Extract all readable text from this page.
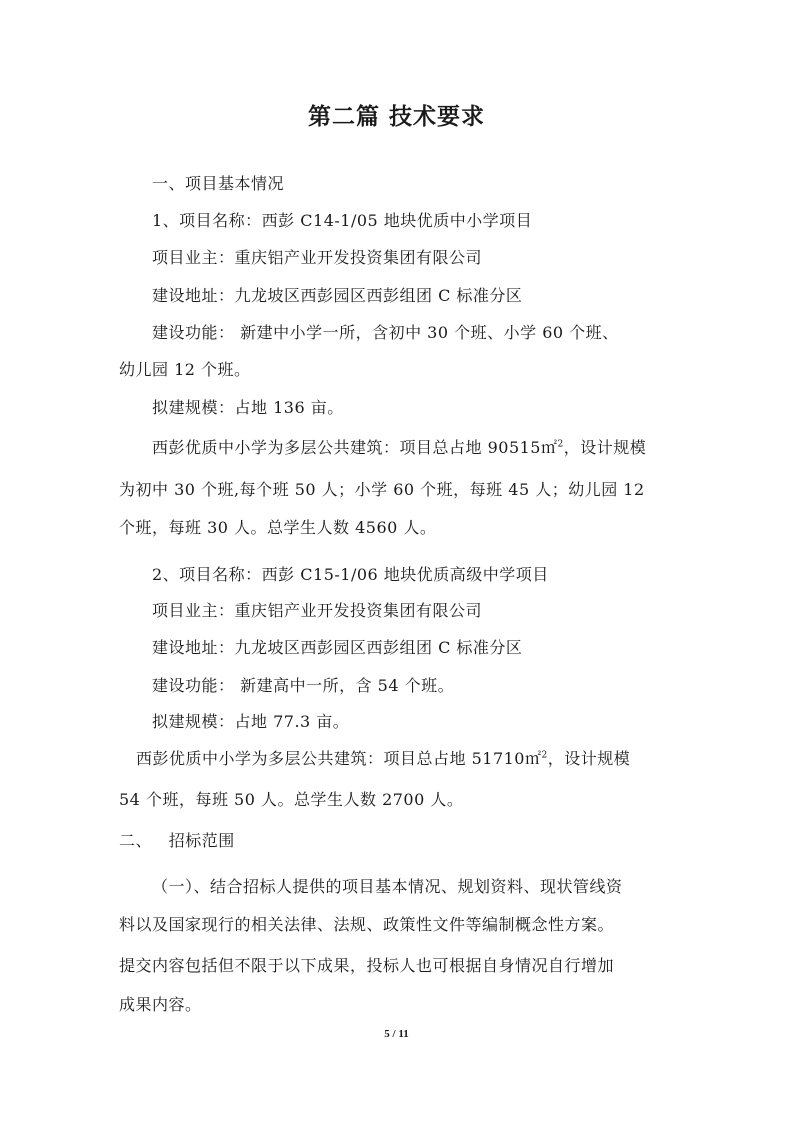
第二篇 技术要求
一、项目基本情况
1、项目名称：西彭 C14-1/05 地块优质中小学项目
项目业主：重庆铝产业开发投资集团有限公司
建设地址：九龙坡区西彭园区西彭组团 C 标准分区
建设功能： 新建中小学一所，含初中 30 个班、小学 60 个班、
幼儿园 12 个班。
拟建规模：占地 136 亩。
西彭优质中小学为多层公共建筑：项目总占地 90515㎡$^2$，设计规模
为初中 30 个班,每个班 50 人；小学 60 个班，每班 45 人；幼儿园 12
个班，每班 30 人。总学生人数 4560 人。
2、项目名称：西彭 C15-1/06 地块优质高级中学项目
项目业主：重庆铝产业开发投资集团有限公司
建设地址：九龙坡区西彭园区西彭组团 C 标准分区
建设功能： 新建高中一所，含 54 个班。
拟建规模：占地 77.3 亩。
西彭优质中小学为多层公共建筑：项目总占地 51710㎡$^2$，设计规模
54 个班，每班 50 人。总学生人数 2700 人。
二、   招标范围
（一）、结合招标人提供的项目基本情况、规划资料、现状管线资
料以及国家现行的相关法律、法规、政策性文件等编制概念性方案。
提交内容包括但不限于以下成果，投标人也可根据自身情况自行增加
成果内容。
5 / 11
